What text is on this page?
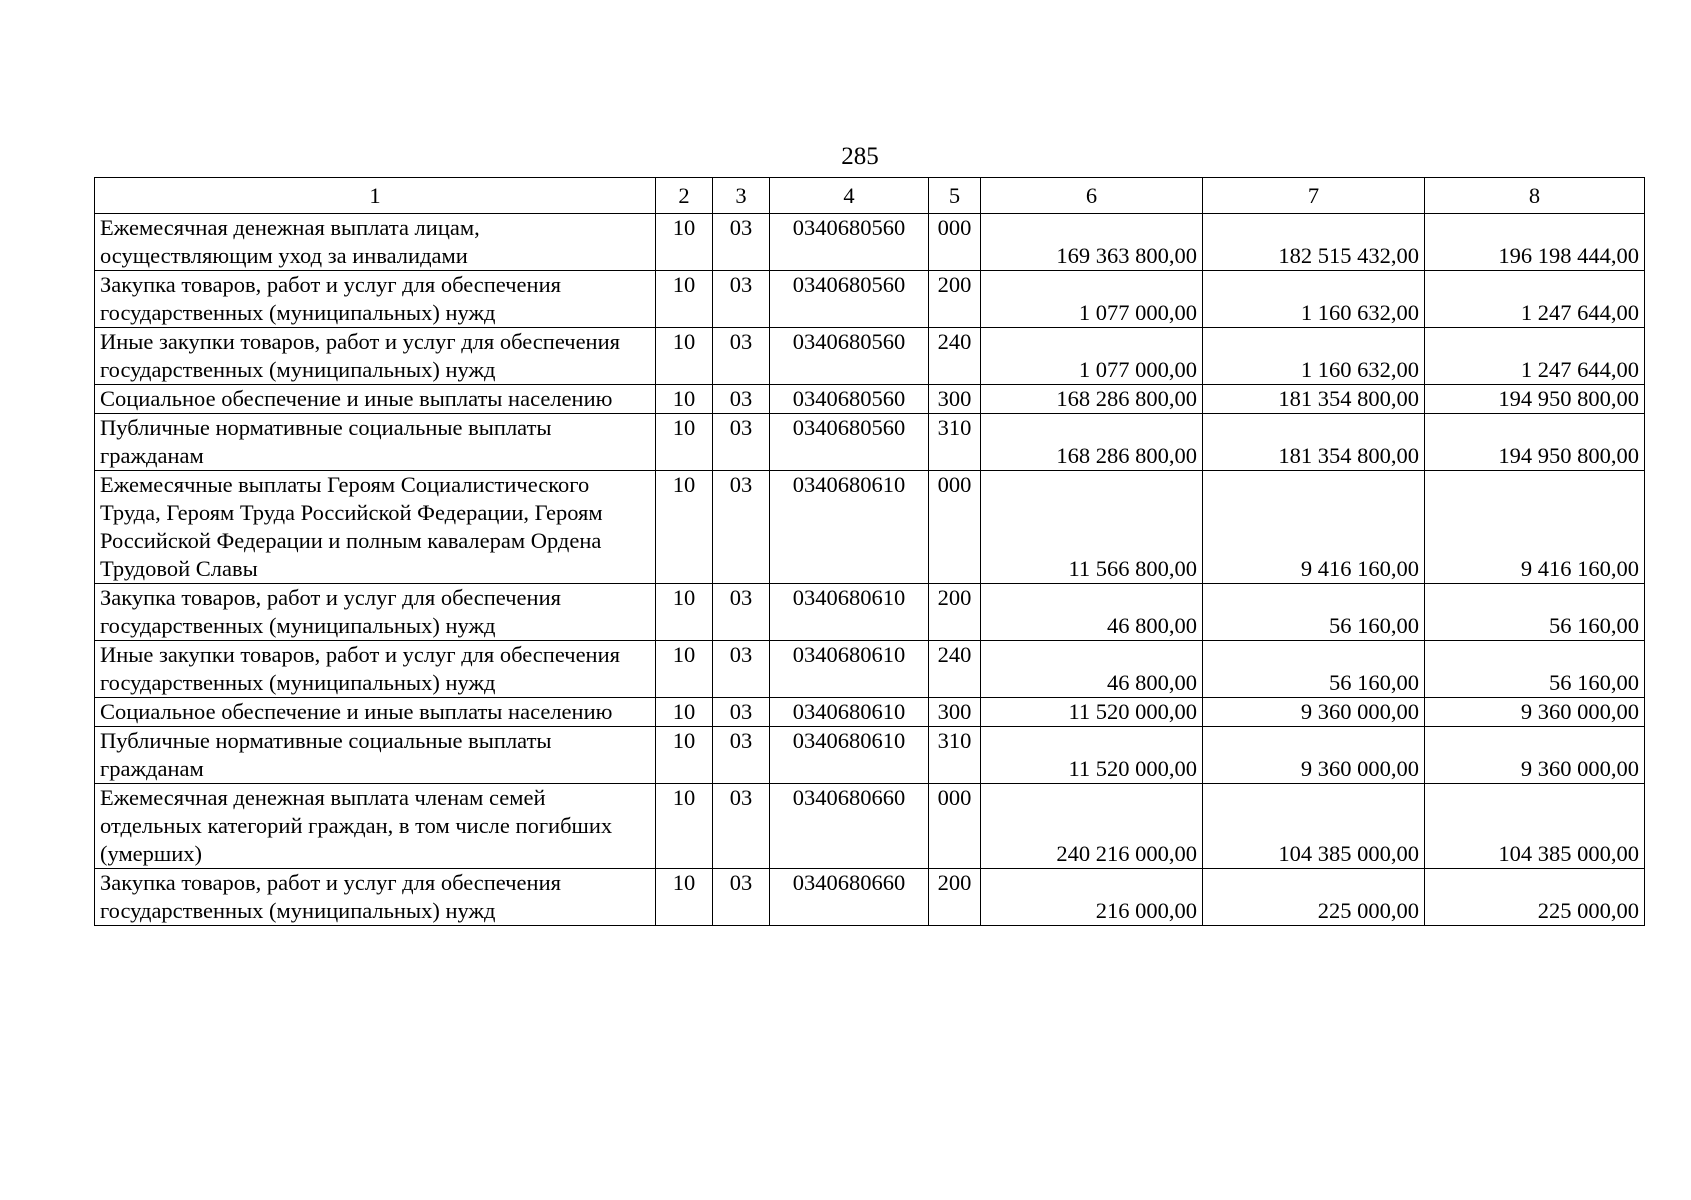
285
1	2	3	4	5	6	7	8
Ежемесячная денежная выплата лицам, осуществляющим уход за инвалидами	10	03	0340680560	000	169 363 800,00	182 515 432,00	196 198 444,00
Закупка товаров, работ и услуг для обеспечения государственных (муниципальных) нужд	10	03	0340680560	200	1 077 000,00	1 160 632,00	1 247 644,00
Иные закупки товаров, работ и услуг для обеспечения государственных (муниципальных) нужд	10	03	0340680560	240	1 077 000,00	1 160 632,00	1 247 644,00
Социальное обеспечение и иные выплаты населению	10	03	0340680560	300	168 286 800,00	181 354 800,00	194 950 800,00
Публичные нормативные социальные выплаты гражданам	10	03	0340680560	310	168 286 800,00	181 354 800,00	194 950 800,00
Ежемесячные выплаты Героям Социалистического Труда, Героям Труда Российской Федерации, Героям Российской Федерации и полным кавалерам Ордена Трудовой Славы	10	03	0340680610	000	11 566 800,00	9 416 160,00	9 416 160,00
Закупка товаров, работ и услуг для обеспечения государственных (муниципальных) нужд	10	03	0340680610	200	46 800,00	56 160,00	56 160,00
Иные закупки товаров, работ и услуг для обеспечения государственных (муниципальных) нужд	10	03	0340680610	240	46 800,00	56 160,00	56 160,00
Социальное обеспечение и иные выплаты населению	10	03	0340680610	300	11 520 000,00	9 360 000,00	9 360 000,00
Публичные нормативные социальные выплаты гражданам	10	03	0340680610	310	11 520 000,00	9 360 000,00	9 360 000,00
Ежемесячная денежная выплата членам семей отдельных категорий граждан, в том числе погибших (умерших)	10	03	0340680660	000	240 216 000,00	104 385 000,00	104 385 000,00
Закупка товаров, работ и услуг для обеспечения государственных (муниципальных) нужд	10	03	0340680660	200	216 000,00	225 000,00	225 000,00
